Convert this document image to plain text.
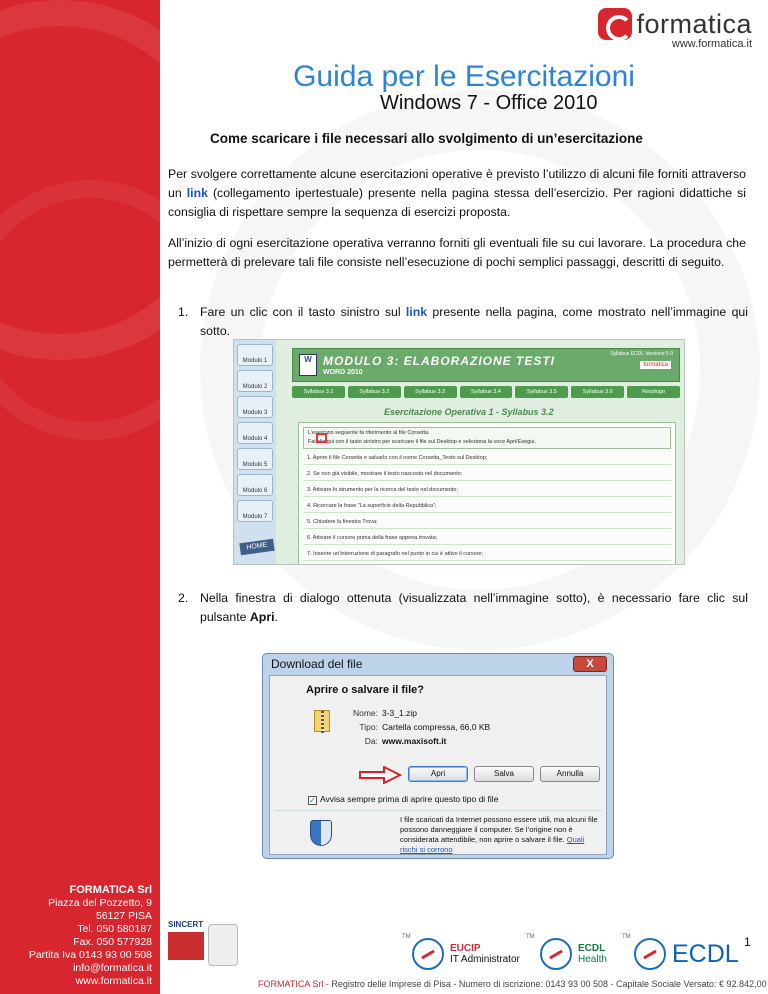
FORMATICA Srl
Piazza del Pozzetto, 9
56127 PISA
Tel. 050 580187
Fax. 050 577928
Partita Iva 0143 93 00 508
info@formatica.it
www.formatica.it
formatica
www.formatica.it
Guida per le Esercitazioni
Windows 7 - Office 2010
Come scaricare i file necessari allo svolgimento di un’esercitazione

Per svolgere correttamente alcune esercitazioni operative è previsto l’utilizzo di alcuni file forniti attraverso un link (collegamento ipertestuale) presente nella pagina stessa dell’esercizio. Per ragioni didattiche si consiglia di rispettare sempre la sequenza di esercizi proposta.

All’inizio di ogni esercitazione operativa verranno forniti gli eventuali file su cui lavorare. La procedura che permetterà di prelevare tali file consiste nell’esecuzione di pochi semplici passaggi, descritti di seguito.

1. Fare un clic con il tasto sinistro sul link presente nella pagina, come mostrato nell’immagine qui sotto.
Modulo 1
Modulo 2
Modulo 3
Modulo 4
Modulo 5
Modulo 6
Modulo 7
HOME
W MODULO 3: ELABORAZIONE TESTI
WORD 2010
Syllabus ECDL Versione 5.0
formatica
Syllabus 3.1	Syllabus 3.2	Syllabus 3.3	Syllabus 3.4	Syllabus 3.5	Syllabus 3.6	Riepilogo
Esercitazione Operativa 1 - Syllabus 3.2
L’esercizio seguente fa riferimento al file Corsetta.
Fai clic qui con il tasto sinistro per scaricare il file sul Desktop e seleziona la voce Apri/Esegui.
1. Aprire il file Corsetta e salvarlo con il nome Corsetta_Testo sul Desktop;
2. Se non già visibile, mostrare il testo nascosto nel documento;
3. Attivare lo strumento per la ricerca del testo nel documento;
4. Ricercare la frase "La superficie della Repubblica";
5. Chiudere la finestra Trova;
6. Attivare il cursore prima della frase appena trovata;
7. Inserire un’interruzione di paragrafo nel punto in cui è attivo il cursore;
2. Nella finestra di dialogo ottenuta (visualizzata nell’immagine sotto), è necessario fare clic sul pulsante Apri.
Download del file	X
Aprire o salvare il file?
Nome: 3-3_1.zip
Tipo: Cartella compressa, 66,0 KB
Da: www.maxisoft.it
Apri	Salva	Annulla
✓ Avvisa sempre prima di aprire questo tipo di file
I file scaricati da Internet possono essere utili, ma alcuni file possono danneggiare il computer. Se l’origine non è considerata attendibile, non aprire o salvare il file. Quali rischi si corrono
SINCERT
TM
EUCIP
IT Administrator
TM
ECDL
Health
TM
ECDL 1
FORMATICA Srl - Registro delle Imprese di Pisa - Numero di iscrizione: 0143 93 00 508 - Capitale Sociale Versato: € 92.842,00
